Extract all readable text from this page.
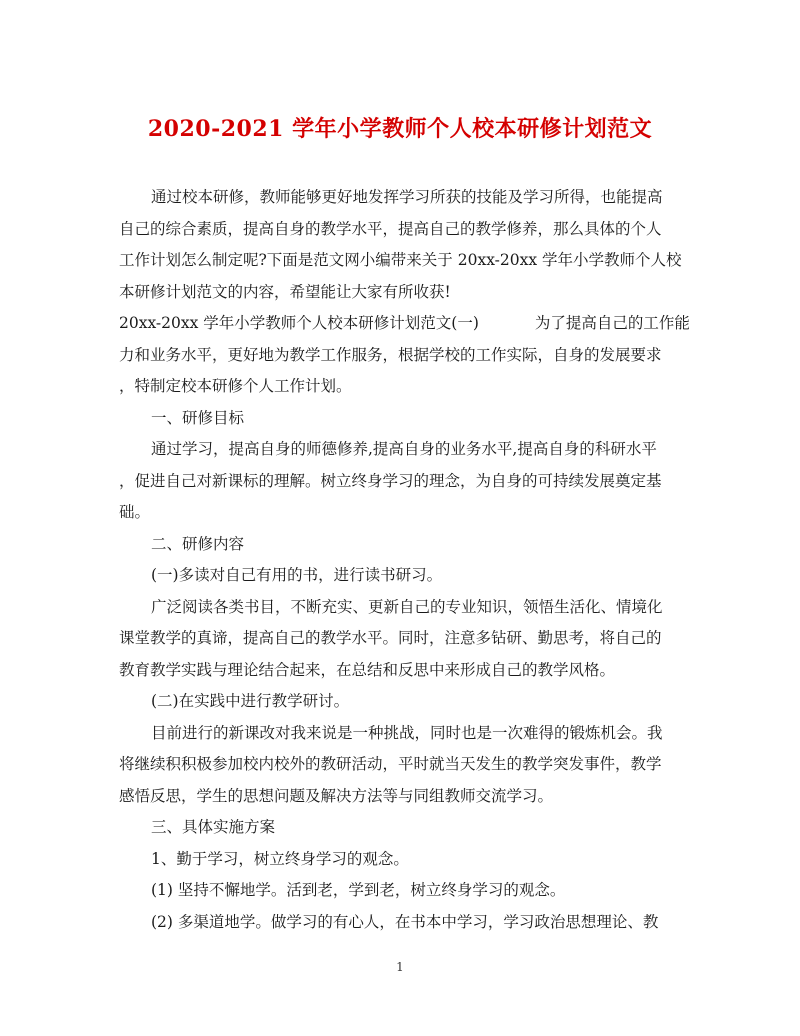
2020-2021 学年小学教师个人校本研修计划范文
通过校本研修，教师能够更好地发挥学习所获的技能及学习所得，也能提高
自己的综合素质，提高自身的教学水平，提高自己的教学修养，那么具体的个人
工作计划怎么制定呢?下面是范文网小编带来关于 20xx-20xx 学年小学教师个人校
本研修计划范文的内容，希望能让大家有所收获!
20xx-20xx 学年小学教师个人校本研修计划范文(一)	为了提高自己的工作能
力和业务水平，更好地为教学工作服务，根据学校的工作实际，自身的发展要求
，特制定校本研修个人工作计划。
一、研修目标
通过学习，提高自身的师德修养,提高自身的业务水平,提高自身的科研水平
，促进自己对新课标的理解。树立终身学习的理念，为自身的可持续发展奠定基
础。
二、研修内容
(一)多读对自己有用的书，进行读书研习。
广泛阅读各类书目，不断充实、更新自己的专业知识，领悟生活化、情境化
课堂教学的真谛，提高自己的教学水平。同时，注意多钻研、勤思考，将自己的
教育教学实践与理论结合起来，在总结和反思中来形成自己的教学风格。
(二)在实践中进行教学研讨。
目前进行的新课改对我来说是一种挑战，同时也是一次难得的锻炼机会。我
将继续积积极参加校内校外的教研活动，平时就当天发生的教学突发事件，教学
感悟反思，学生的思想问题及解决方法等与同组教师交流学习。
三、具体实施方案
1、勤于学习，树立终身学习的观念。
(1) 坚持不懈地学。活到老，学到老，树立终身学习的观念。
(2) 多渠道地学。做学习的有心人，在书本中学习，学习政治思想理论、教
1
